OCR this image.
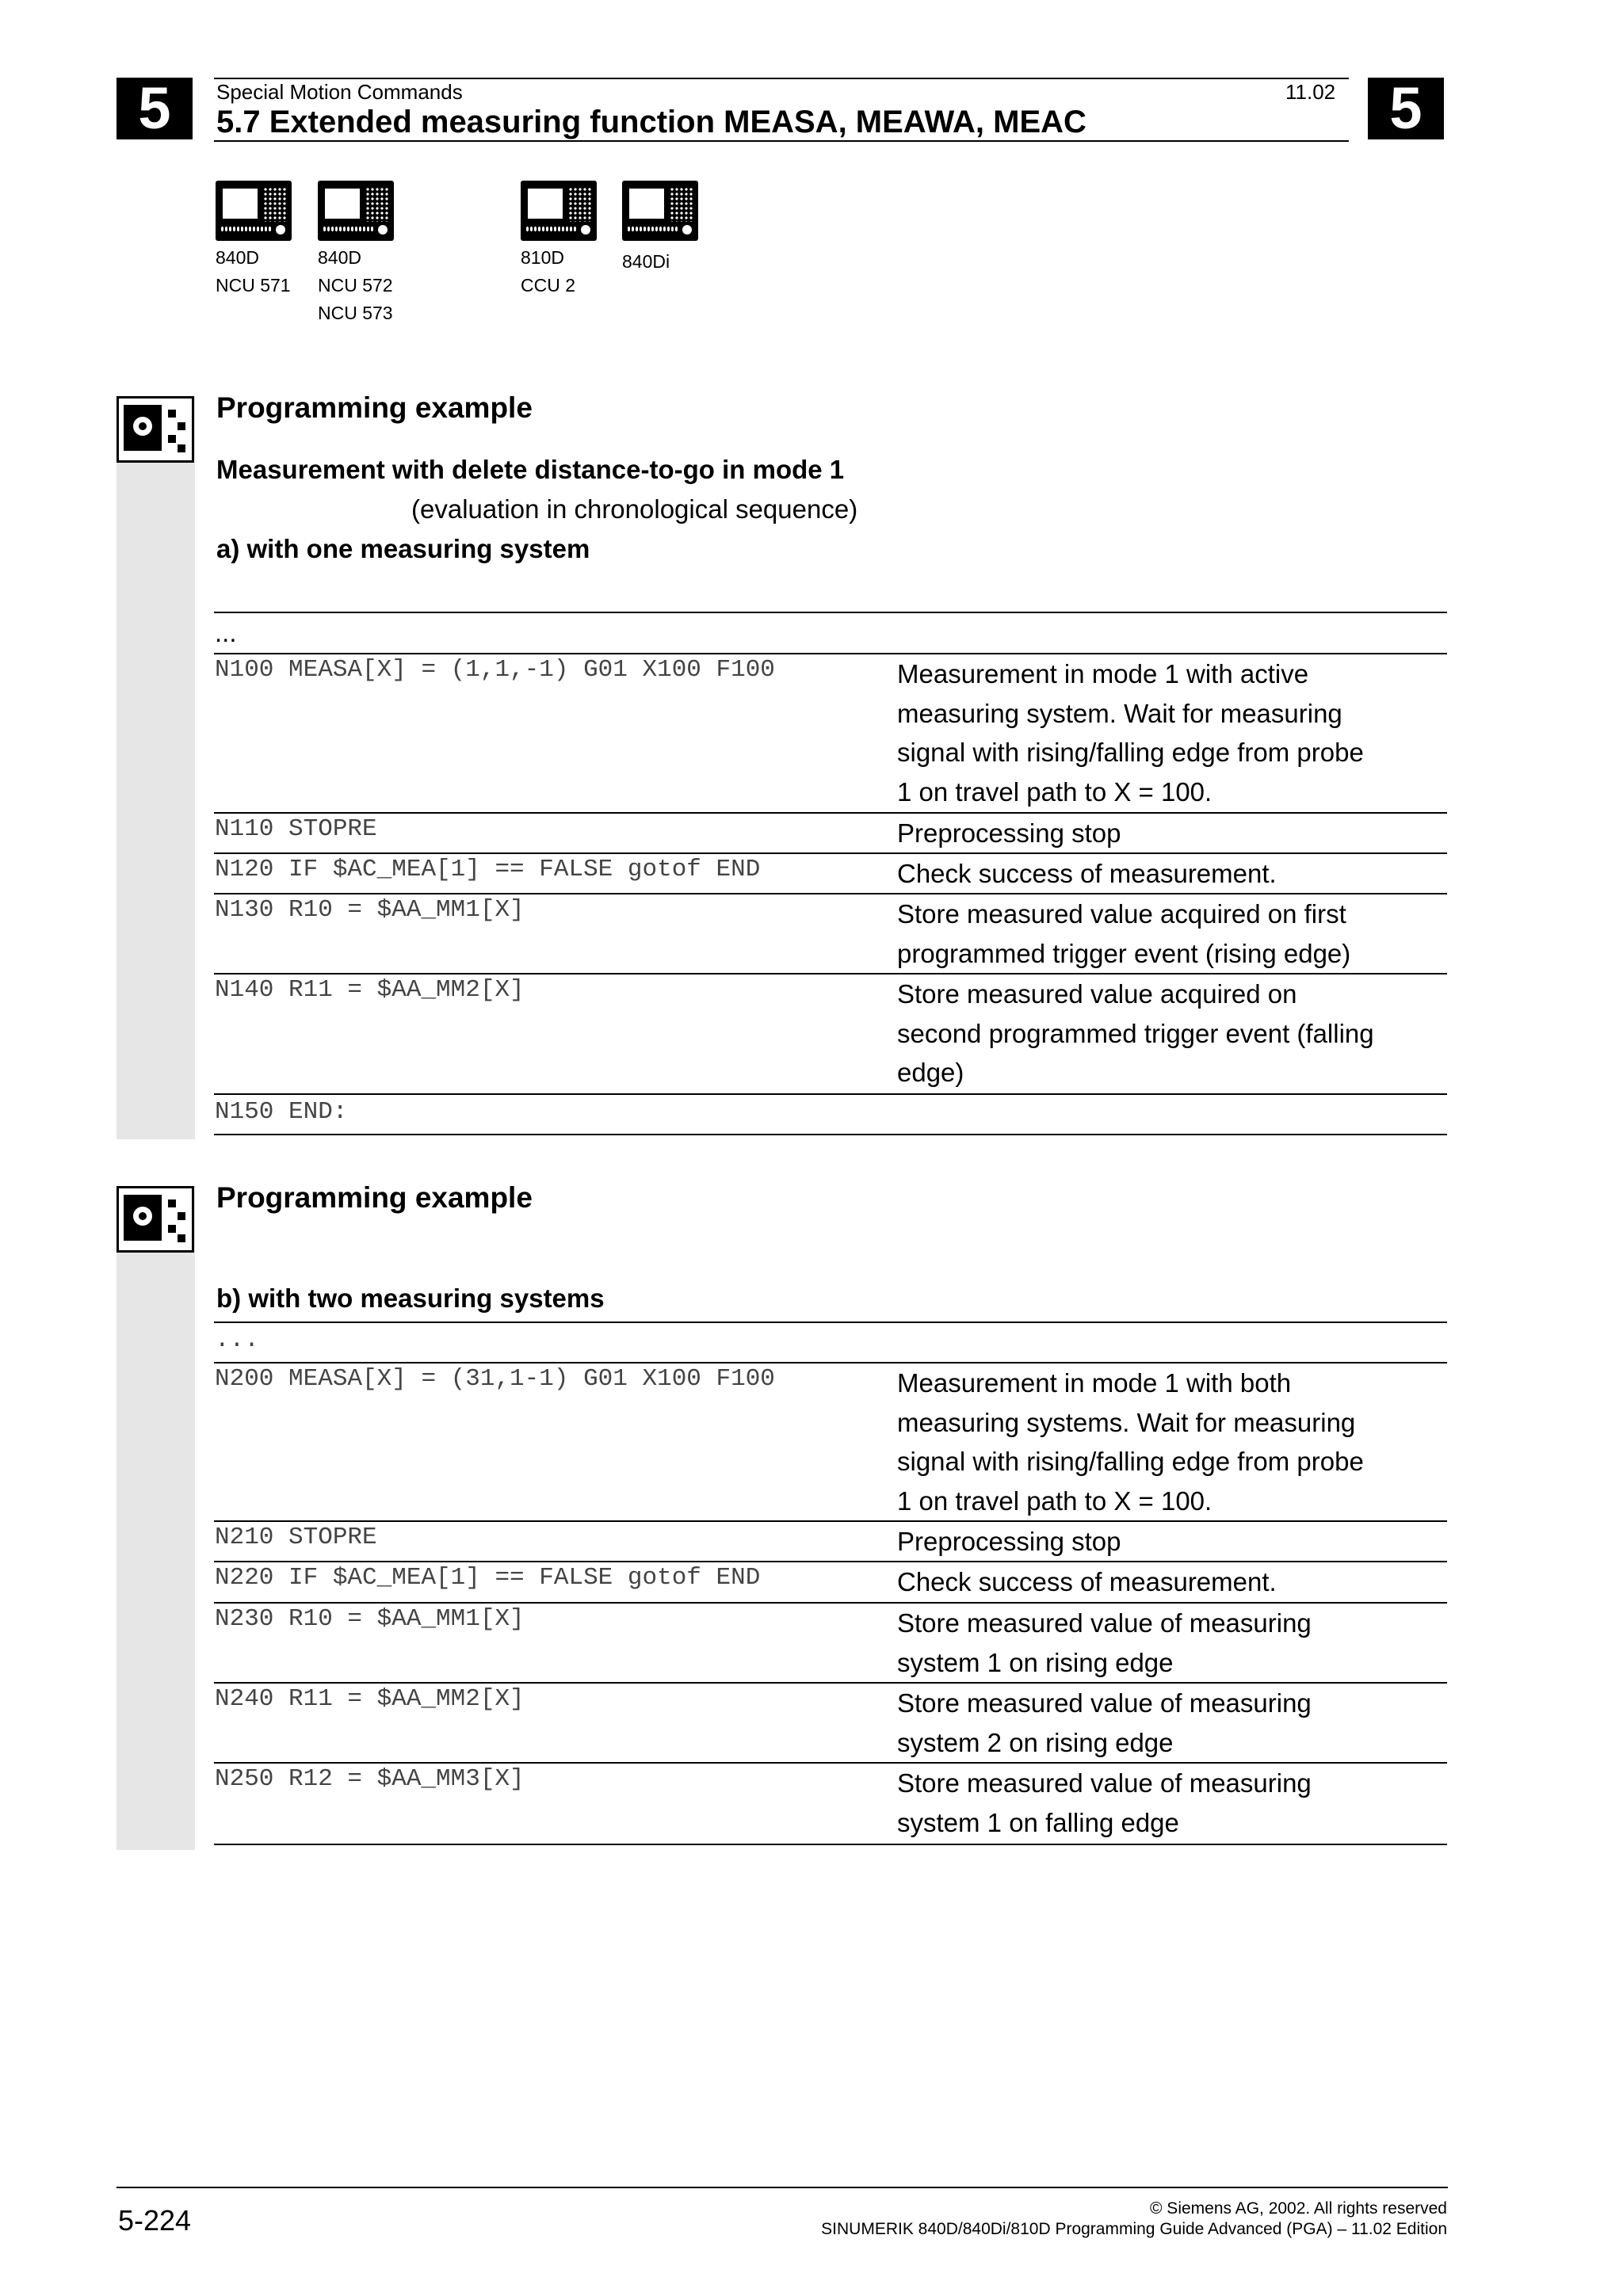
5	5
Special Motion Commands	11.02
5.7 Extended measuring function MEASA, MEAWA, MEAC
840D
NCU 571
840D
NCU 572
NCU 573
810D
CCU 2
840Di
Programming example
Measurement with delete distance-to-go in mode 1
(evaluation in chronological sequence)
a) with one measuring system
...
N100 MEASA[X] = (1,1,-1) G01 X100 F100	Measurement in mode 1 with active
measuring system. Wait for measuring
signal with rising/falling edge from probe
1 on travel path to X = 100.
N110 STOPRE	Preprocessing stop
N120 IF $AC_MEA[1] == FALSE gotof END	Check success of measurement.
N130 R10 = $AA_MM1[X]	Store measured value acquired on first
programmed trigger event (rising edge)
N140 R11 = $AA_MM2[X]	Store measured value acquired on
second programmed trigger event (falling
edge)
N150 END:
Programming example
b) with two measuring systems
...
N200 MEASA[X] = (31,1-1) G01 X100 F100	Measurement in mode 1 with both
measuring systems. Wait for measuring
signal with rising/falling edge from probe
1 on travel path to X = 100.
N210 STOPRE	Preprocessing stop
N220 IF $AC_MEA[1] == FALSE gotof END	Check success of measurement.
N230 R10 = $AA_MM1[X]	Store measured value of measuring
system 1 on rising edge
N240 R11 = $AA_MM2[X]	Store measured value of measuring
system 2 on rising edge
N250 R12 = $AA_MM3[X]	Store measured value of measuring
system 1 on falling edge
5-224	© Siemens AG, 2002. All rights reserved
SINUMERIK 840D/840Di/810D Programming Guide Advanced (PGA) – 11.02 Edition
